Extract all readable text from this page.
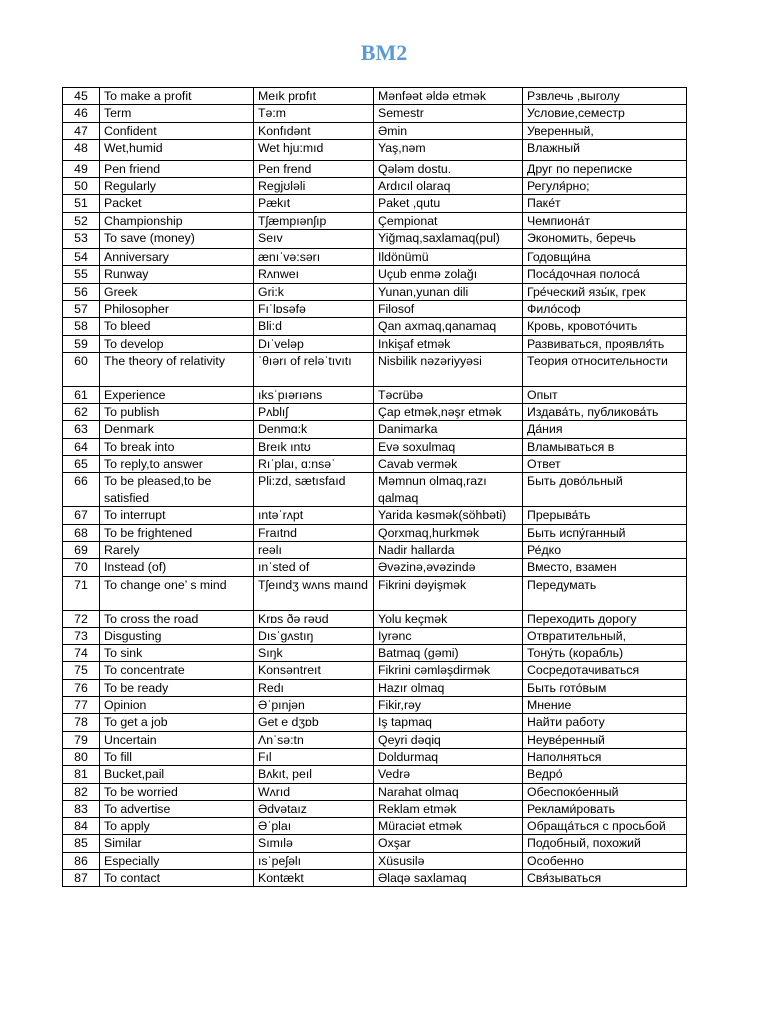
BM2
45	To make a profit	Meık prɒfıt	Mənfəət əldə etmək	Рзвлечь ,выголу
46	Term	Tə:m	Semestr	Условие,семестр
47	Confident	Konfıdənt	Əmin	Уверенный,
48	Wet,humid	Wet hju:mıd	Yaş,nəm	Влажный
49	Pen friend	Pen frend	Qələm dostu.	Друг по переписке
50	Regularly	Regjʊləli	Ardıcıl olaraq	Регуля́рно;
51	Packet	Pækıt	Paket ,qutu	Паке́т
52	Championship	Tʃæmpıənʃıp	Çempionat	Чемпиона́т
53	To save (money)	Seıv	Yiğmaq,saxlamaq(pul)	Экономить, беречь
54	Anniversary	ænıˈvə:sərı	Ildönümü	Годовщи́на
55	Runway	Rʌnweı	Uçub enmə zolağı	Поса́дочная полоса́
56	Greek	Gri:k	Yunan,yunan dili	Гре́ческий язы́к, грек
57	Philosopher	Fıˈlɒsəfə	Filosof	Фило́соф
58	To bleed	Bli:d	Qan axmaq,qanamaq	Кровь, кровото́чить
59	To develop	Dıˈveləp	Inkişaf etmək	Развиваться, проявля́ть
60	The theory of relativity	ˈθıərı of reləˈtıvıtı	Nisbilik nəzəriyyəsi	Теория относительности
61	Experience	ıksˈpıərıəns	Təcrübə	Опыт
62	To publish	Pʌblıʃ	Çap etmək,nəşr etmək	Издава́ть, публикова́ть
63	Denmark	Denmɑ:k	Danimarka	Да́ния
64	To break into	Breık ıntʊ	Evə soxulmaq	Вламываться в
65	To reply,to answer	Rıˈplaı, ɑ:nsəˈ	Cavab vermək	Ответ
66	To be pleased,to be satisfied	Pli:zd, sætısfaıd	Məmnun olmaq,razı qalmaq	Быть дово́льный
67	To interrupt	ıntəˈrʌpt	Yarida kəsmək(söhbəti)	Прерыва́ть
68	To be frightened	Fraıtnd	Qorxmaq,hurkmək	Быть испу́ганный
69	Rarely	reəlı	Nadir hallarda	Ре́дко
70	Instead (of)	ınˈsted of	Əvəzinə,əvəzində	Вместо, взамен
71	To change one’ s mind	Tʃeındʒ wʌns maınd	Fikrini dəyişmək	Передумать
72	To cross the road	Krɒs ðə rəʊd	Yolu keçmək	Переходить дорогу
73	Disgusting	Dısˈgʌstıŋ	Iyrənc	Отвратительный,
74	To sink	Sıŋk	Batmaq (gəmi)	Тону́ть (корабль)
75	To concentrate	Konsəntreıt	Fikrini cəmləşdirmək	Сосредотачиваться
76	To be ready	Redı	Hazır olmaq	Быть гото́вым
77	Opinion	Əˈpınjən	Fikir,rəy	Мнение
78	To get a job	Get e dʒɒb	Iş tapmaq	Найти работу
79	Uncertain	Ʌnˈsə:tn	Qeyri dəqiq	Неуве́ренный
80	To fill	Fıl	Doldurmaq	Наполняться
81	Bucket,pail	Bʌkıt, peıl	Vedrə	Ведро́
82	To be worried	Wʌrıd	Narahat olmaq	Обеспоко́енный
83	To advertise	Ədvətaız	Reklam etmək	Реклами́ровать
84	To apply	Əˈplaı	Müraciət etmək	Обраща́ться с просьбой
85	Similar	Sımılə	Oxşar	Подобный, похожий
86	Especially	ısˈpeʃəlı	Xüsusilə	Особенно
87	To contact	Kontækt	Əlaqə saxlamaq	Свя́зываться
